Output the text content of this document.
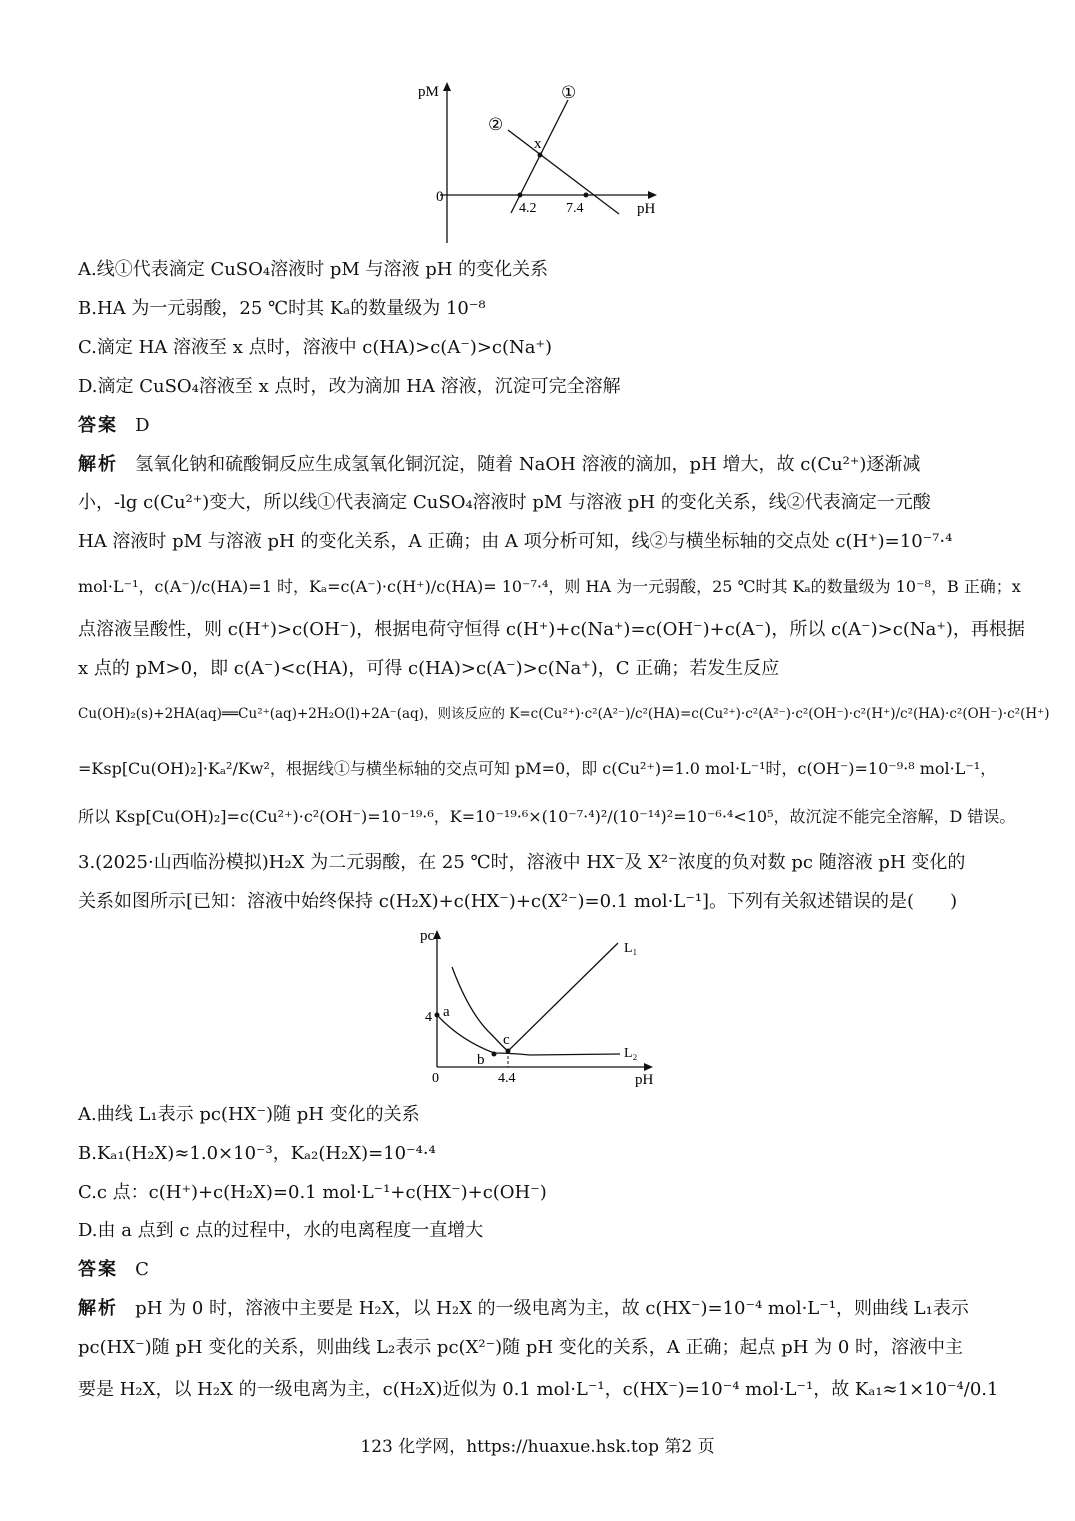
pM
pH
0
①
②
x
4.2 7.4
A.线①代表滴定 CuSO₄溶液时 pM 与溶液 pH 的变化关系
B.HA 为一元弱酸，25 ℃时其 Kₐ的数量级为 10⁻⁸
C.滴定 HA 溶液至 x 点时，溶液中 c(HA)>c(A⁻)>c(Na⁺)
D.滴定 CuSO₄溶液至 x 点时，改为滴加 HA 溶液，沉淀可完全溶解
答案 D
解析 氢氧化钠和硫酸铜反应生成氢氧化铜沉淀，随着 NaOH 溶液的滴加，pH 增大，故 c(Cu²⁺)逐渐减
小，-lg c(Cu²⁺)变大，所以线①代表滴定 CuSO₄溶液时 pM 与溶液 pH 的变化关系，线②代表滴定一元酸
HA 溶液时 pM 与溶液 pH 的变化关系，A 正确；由 A 项分析可知，线②与横坐标轴的交点处 c(H⁺)=10⁻⁷·⁴
mol·L⁻¹，c(A⁻)/c(HA)=1 时，Kₐ=c(A⁻)·c(H⁺)/c(HA)= 10⁻⁷·⁴，则 HA 为一元弱酸，25 ℃时其 Kₐ的数量级为 10⁻⁸，B 正确；x
点溶液呈酸性，则 c(H⁺)>c(OH⁻)，根据电荷守恒得 c(H⁺)+c(Na⁺)=c(OH⁻)+c(A⁻)，所以 c(A⁻)>c(Na⁺)，再根据
x 点的 pM>0，即 c(A⁻)<c(HA)，可得 c(HA)>c(A⁻)>c(Na⁺)，C 正确；若发生反应
Cu(OH)₂(s)+2HA(aq)══Cu²⁺(aq)+2H₂O(l)+2A⁻(aq)，则该反应的 K=c(Cu²⁺)·c²(A²⁻)/c²(HA)=c(Cu²⁺)·c²(A²⁻)·c²(OH⁻)·c²(H⁺)/c²(HA)·c²(OH⁻)·c²(H⁺)
=Ksp[Cu(OH)₂]·Kₐ²/Kw²，根据线①与横坐标轴的交点可知 pM=0，即 c(Cu²⁺)=1.0 mol·L⁻¹时，c(OH⁻)=10⁻⁹·⁸ mol·L⁻¹，
所以 Ksp[Cu(OH)₂]=c(Cu²⁺)·c²(OH⁻)=10⁻¹⁹·⁶，K=10⁻¹⁹·⁶×(10⁻⁷·⁴)²/(10⁻¹⁴)²=10⁻⁶·⁴<10⁵，故沉淀不能完全溶解，D 错误。
3.(2025·山西临汾模拟)H₂X 为二元弱酸，在 25 ℃时，溶液中 HX⁻及 X²⁻浓度的负对数 pc 随溶液 pH 变化的
关系如图所示[已知：溶液中始终保持 c(H₂X)+c(HX⁻)+c(X²⁻)=0.1 mol·L⁻¹]。下列有关叙述错误的是(　　)
pc
pH
0
4
4.4
a
b
c
L₁
L₂
A.曲线 L₁表示 pc(HX⁻)随 pH 变化的关系
B.Kₐ₁(H₂X)≈1.0×10⁻³，Kₐ₂(H₂X)=10⁻⁴·⁴
C.c 点：c(H⁺)+c(H₂X)=0.1 mol·L⁻¹+c(HX⁻)+c(OH⁻)
D.由 a 点到 c 点的过程中，水的电离程度一直增大
答案 C
解析 pH 为 0 时，溶液中主要是 H₂X，以 H₂X 的一级电离为主，故 c(HX⁻)=10⁻⁴ mol·L⁻¹，则曲线 L₁表示
pc(HX⁻)随 pH 变化的关系，则曲线 L₂表示 pc(X²⁻)随 pH 变化的关系，A 正确；起点 pH 为 0 时，溶液中主
要是 H₂X，以 H₂X 的一级电离为主，c(H₂X)近似为 0.1 mol·L⁻¹，c(HX⁻)=10⁻⁴ mol·L⁻¹，故 Kₐ₁≈1×10⁻⁴/0.1
123 化学网，https://huaxue.hsk.top 第2 页
